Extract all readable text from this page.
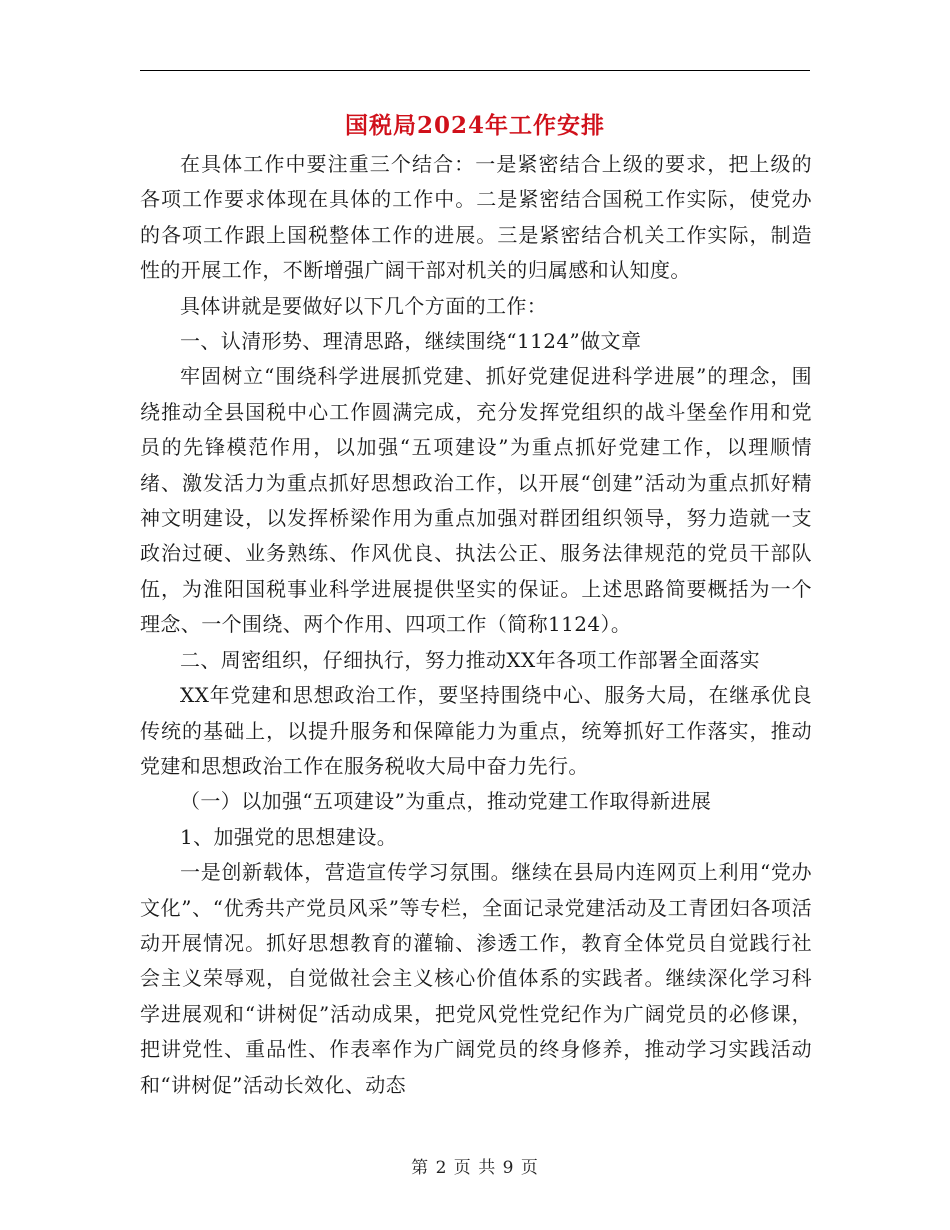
国税局2024年工作安排

在具体工作中要注重三个结合：一是紧密结合上级的要求，把上级的各项工作要求体现在具体的工作中。二是紧密结合国税工作实际，使党办的各项工作跟上国税整体工作的进展。三是紧密结合机关工作实际，制造性的开展工作，不断增强广阔干部对机关的归属感和认知度。

具体讲就是要做好以下几个方面的工作：

一、认清形势、理清思路，继续围绕“1124”做文章

牢固树立“围绕科学进展抓党建、抓好党建促进科学进展”的理念，围绕推动全县国税中心工作圆满完成，充分发挥党组织的战斗堡垒作用和党员的先锋模范作用，以加强“五项建设”为重点抓好党建工作，以理顺情绪、激发活力为重点抓好思想政治工作，以开展“创建”活动为重点抓好精神文明建设，以发挥桥梁作用为重点加强对群团组织领导，努力造就一支政治过硬、业务熟练、作风优良、执法公正、服务法律规范的党员干部队伍，为淮阳国税事业科学进展提供坚实的保证。上述思路简要概括为一个理念、一个围绕、两个作用、四项工作（简称1124）。

二、周密组织，仔细执行，努力推动XX年各项工作部署全面落实

XX年党建和思想政治工作，要坚持围绕中心、服务大局，在继承优良传统的基础上，以提升服务和保障能力为重点，统筹抓好工作落实，推动党建和思想政治工作在服务税收大局中奋力先行。

（一）以加强“五项建设”为重点，推动党建工作取得新进展

1、加强党的思想建设。

一是创新载体，营造宣传学习氛围。继续在县局内连网页上利用“党办文化”、“优秀共产党员风采”等专栏，全面记录党建活动及工青团妇各项活动开展情况。抓好思想教育的灌输、渗透工作，教育全体党员自觉践行社会主义荣辱观，自觉做社会主义核心价值体系的实践者。继续深化学习科学进展观和“讲树促”活动成果，把党风党性党纪作为广阔党员的必修课，把讲党性、重品性、作表率作为广阔党员的终身修养，推动学习实践活动和“讲树促”活动长效化、动态

第 2 页 共 9 页
